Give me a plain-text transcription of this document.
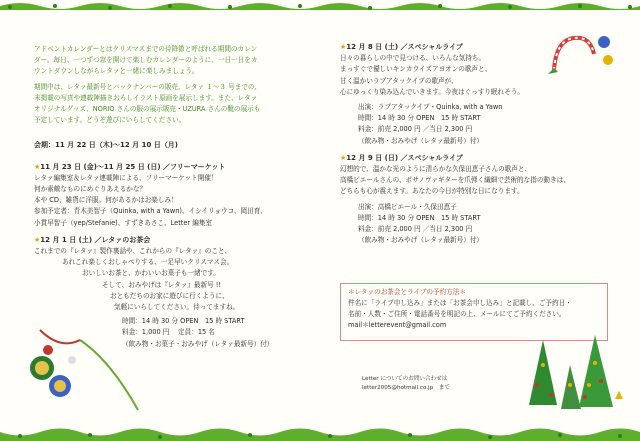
アドベントカレンダーとはクリスマスまでの待降節と呼ばれる期間のカレン

ダー。毎日、一つずつ窓を開けて楽しむカレンダーのように、一日一日をカ

ウントダウンしながらレタァと一緒に楽しみましょう。

期間中は、レタァ最新号とバックナンバーの販売、レタァ １〜３ 号までの、

未掲載の写真や連載陣描きおろしイラスト原画を展示します。また、レタァ

オリジナルグッズ、NORIO さんの服の展示販売・UZURA さんの靴の展示も

予定しています。どうぞ遊びにいらしてください。

会期：11 月 22 日（木)〜12 月 10 日（月)

★11 月 23 日 (金)〜11 月 25 日 (日) ／フリーマーケット

レタァ編集室＆レタァ連載陣による、フリーマーケット開催！

何か素敵なものにめぐりあえるかな？

本や CD、雑貨に洋服。何があるかはお楽しみ！

参加予定者：青木美智子（Quinka, with a Yawn)、イシイリョウコ、岡田育、

小貫早智子（yep/Stefanie)、すずきあさこ、Letter 編集室

★12 月 1 日 (土) ／レタァのお茶会

これまでの『レタァ』製作裏話や、これからの『レタァ』のこと、

あれこれ楽しくおしゃべりする、一足早いクリスマス会。

おいしいお茶と、かわいいお菓子も一緒です。

そして、おみやげは『レタァ』最新号 !!

おともだちのお家に遊びに行くように、

気軽にいらしてください。待ってますね。

時間：14 時 30 分 OPEN　15 時 START

料金：1,000 円　 定員：15 名

（飲み物・お菓子・おみやげ（レタァ最新号）付）

★12 月 8 日 (土) ／スペシャルライブ

日々の暮らしの中で見つける、いろんな気持ち。

まっすぐで優しいキンカウイズアヨオンの歌声と、

甘く温かいラブアタックイブの歌声が、

心にゆっくり染み込んでいきます。今夜はぐっすり眠れそう。

出演：ラブアタックイブ・Quinka, with a Yawn

時間：14 時 30 分 OPEN　15 時 START

料金：前売 2,000 円 ／当日 2,300 円

（飲み物・おみやげ（レタァ最新号）付）

★12 月 9 日 (日) ／スペシャルライブ

幻想的で、温かな光のように清らかな久保田恵子さんの歌声と、

高橋ピエールさんの、ポサノヴァギターを爪弾く繊細で芸術的な指の動きは、

どちらも心が震えます。あなたの今日が特別な日になります。

出演：高橋ピエール・久保田恵子

時間：14 時 30 分 OPEN　15 時 START

料金：前売 2,000 円 ／当日 2,300 円

（飲み物・おみやげ（レタァ最新号）付）

＊レタァのお茶会とライブの予約方法＊

件名に「ライブ申し込み」または「お茶会申し込み」と記載し、ご予約日・

名前・人数・ご住所・電話番号を明記の上、メールにてご予約ください。

mail＊letterevent@gmail.com

Letter についてのお問い合わせは
letter2005@hotmail.co.jp　まで
